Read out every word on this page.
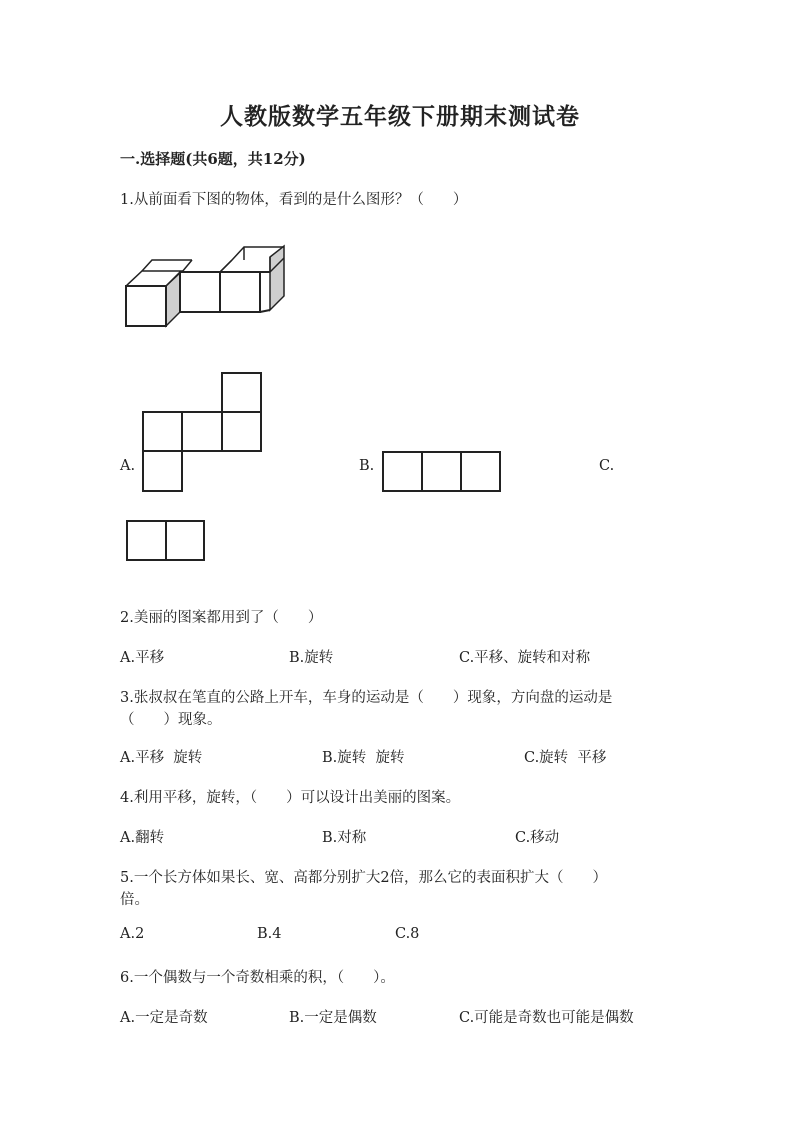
人教版数学五年级下册期末测试卷
一.选择题(共6题，共12分)
1.从前面看下图的物体，看到的是什么图形？（　　）
A.	B.	C.
2.美丽的图案都用到了（　　）
A.平移	B.旋转	C.平移、旋转和对称
3.张叔叔在笔直的公路上开车，车身的运动是（　　）现象，方向盘的运动是
（　　）现象。
A.平移  旋转	B.旋转  旋转	C.旋转  平移
4.利用平移，旋转，（　　）可以设计出美丽的图案。
A.翻转	B.对称	C.移动
5.一个长方体如果长、宽、高都分别扩大2倍，那么它的表面积扩大（　　）
倍。
A.2	B.4	C.8
6.一个偶数与一个奇数相乘的积，（　　）。
A.一定是奇数	B.一定是偶数	C.可能是奇数也可能是偶数
